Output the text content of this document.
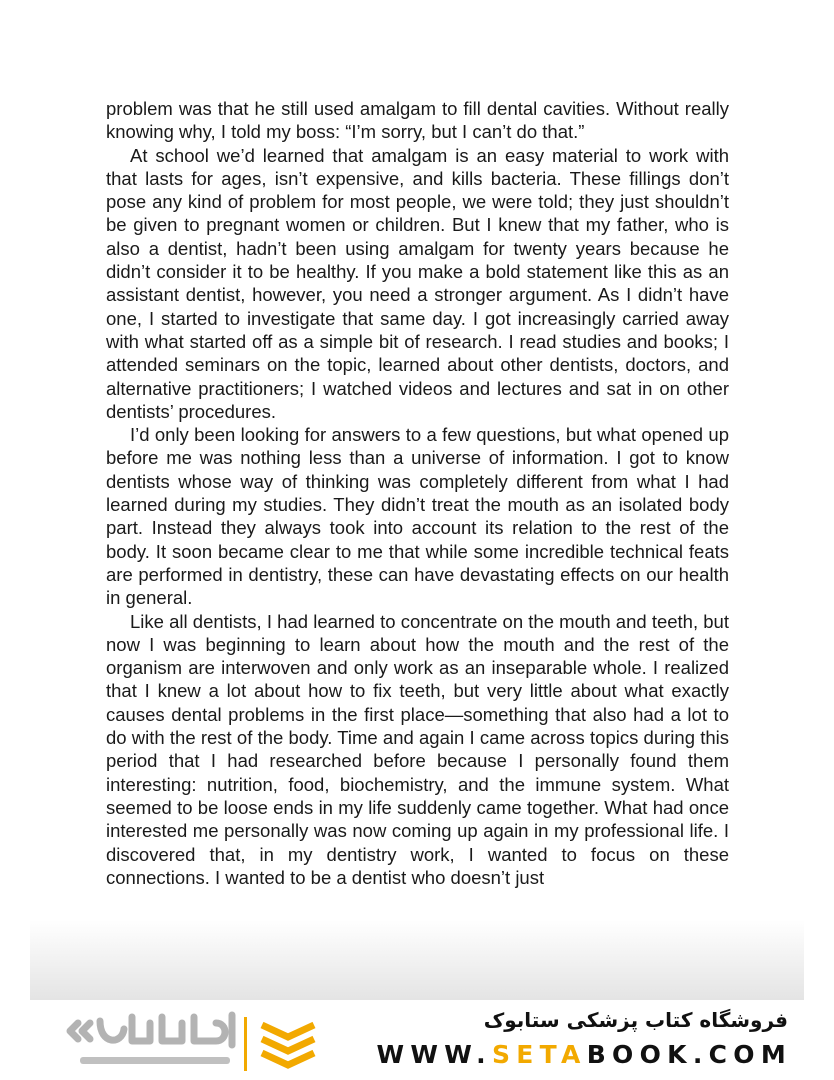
problem was that he still used amalgam to fill dental cavities. Without really knowing why, I told my boss: “I’m sorry, but I can’t do that.”

At school we’d learned that amalgam is an easy material to work with that lasts for ages, isn’t expensive, and kills bacteria. These fillings don’t pose any kind of problem for most people, we were told; they just shouldn’t be given to pregnant women or children. But I knew that my father, who is also a dentist, hadn’t been using amalgam for twenty years because he didn’t consider it to be healthy. If you make a bold statement like this as an assistant dentist, however, you need a stronger argument. As I didn’t have one, I started to investigate that same day. I got increasingly carried away with what started off as a simple bit of research. I read studies and books; I attended seminars on the topic, learned about other dentists, doctors, and alternative practitioners; I watched videos and lectures and sat in on other dentists’ procedures.

I’d only been looking for answers to a few questions, but what opened up before me was nothing less than a universe of information. I got to know dentists whose way of thinking was completely different from what I had learned during my studies. They didn’t treat the mouth as an isolated body part. Instead they always took into account its relation to the rest of the body. It soon became clear to me that while some incredible technical feats are performed in dentistry, these can have devastating effects on our health in general.

Like all dentists, I had learned to concentrate on the mouth and teeth, but now I was beginning to learn about how the mouth and the rest of the organism are interwoven and only work as an inseparable whole. I realized that I knew a lot about how to fix teeth, but very little about what exactly causes dental problems in the first place—something that also had a lot to do with the rest of the body. Time and again I came across topics during this period that I had researched before because I personally found them interesting: nutrition, food, biochemistry, and the immune system. What seemed to be loose ends in my life suddenly came together. What had once interested me personally was now coming up again in my professional life. I discovered that, in my dentistry work, I wanted to focus on these connections. I wanted to be a dentist who doesn’t just

فروشگاه کتاب پزشکی ستابوک
WWW.SETABOOK.COM
